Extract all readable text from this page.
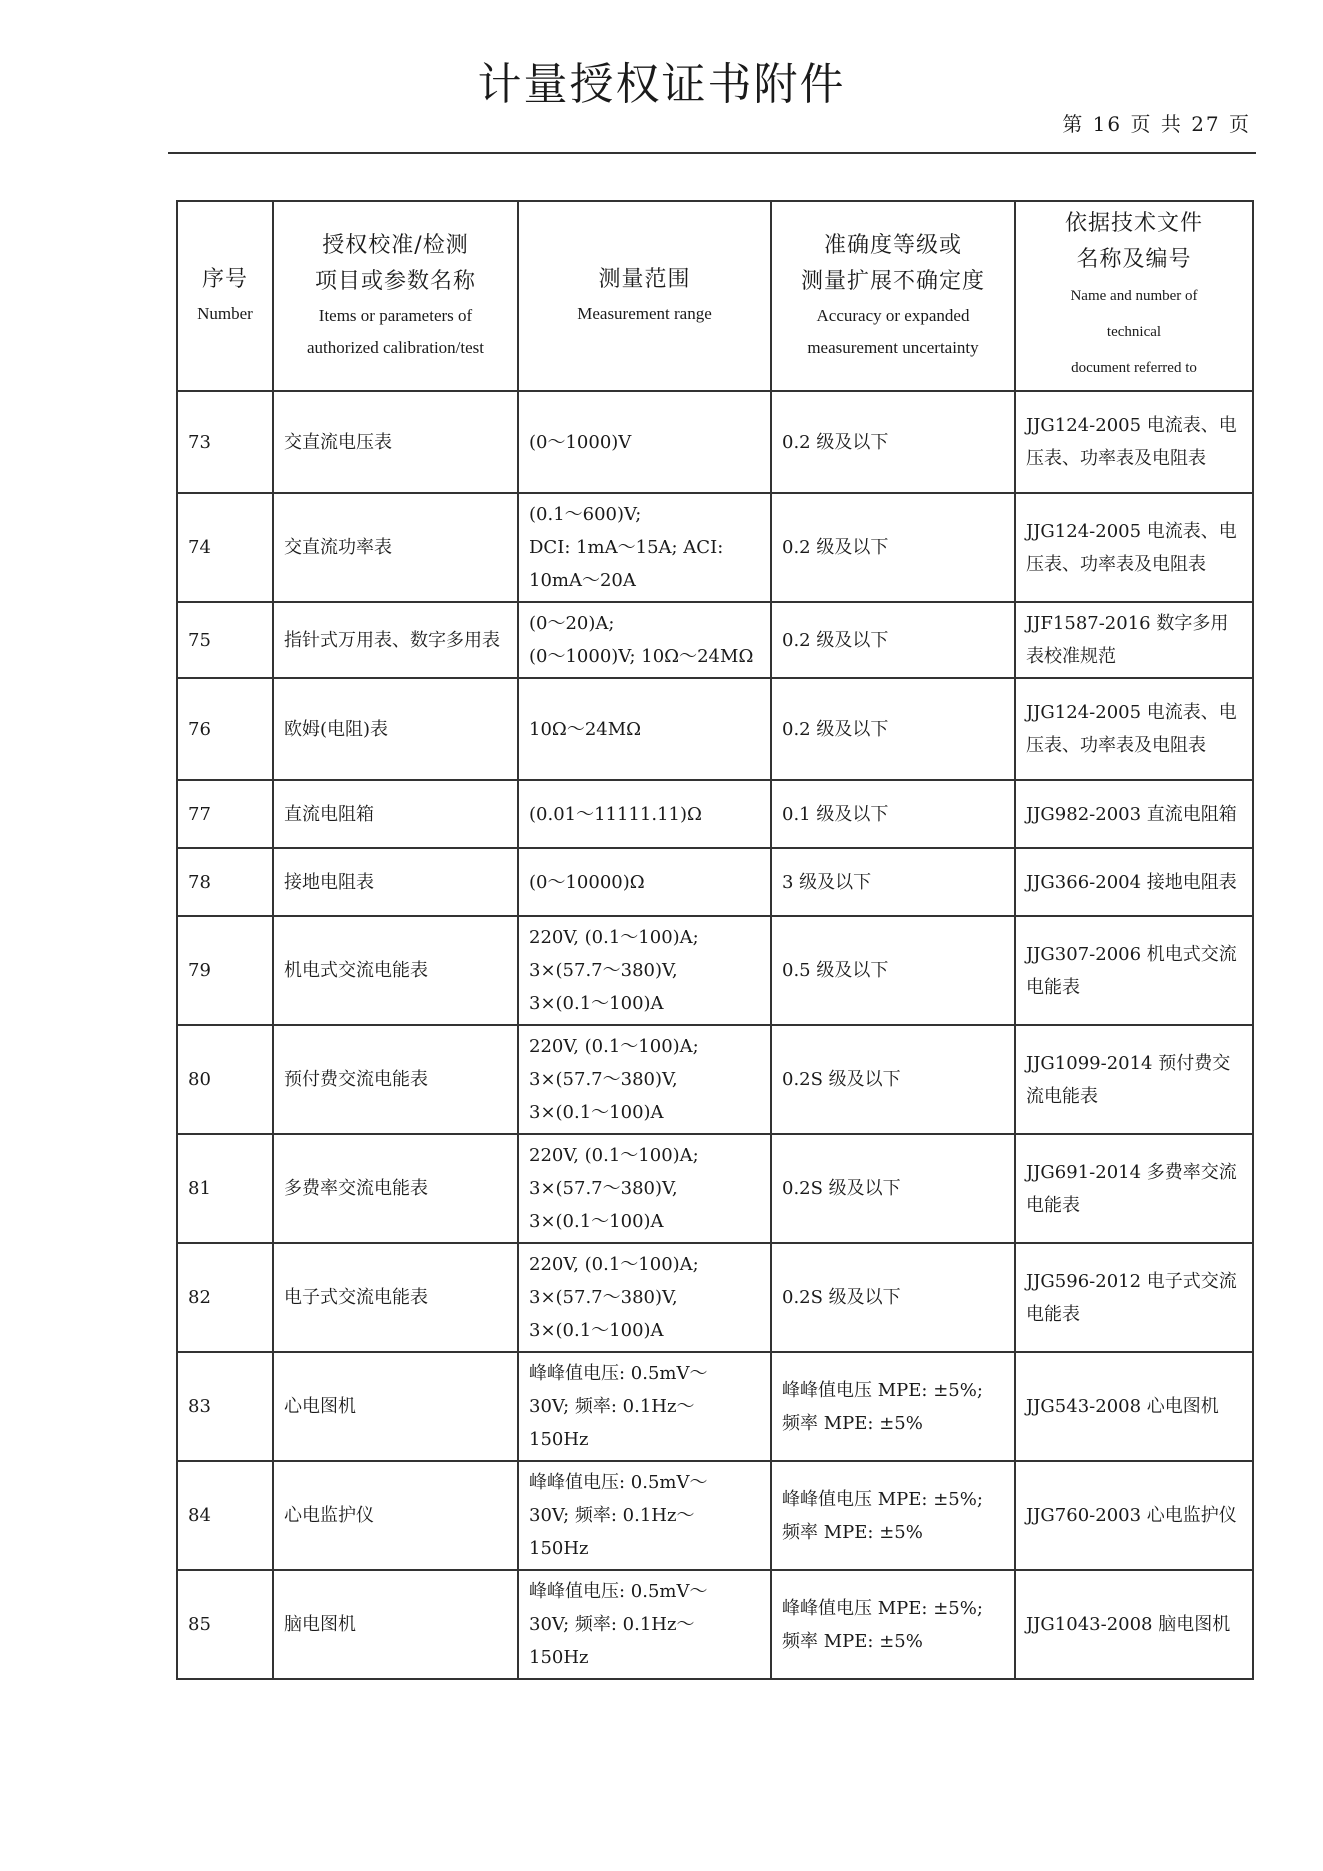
计量授权证书附件
第 16 页 共 27 页
序号
Number	授权校准/检测
项目或参数名称
Items or parameters of
authorized calibration/test	测量范围
Measurement range	准确度等级或
测量扩展不确定度
Accuracy or expanded
measurement uncertainty	依据技术文件
名称及编号
Name and number of
technical
document referred to

73	交直流电压表	(0～1000)V	0.2 级及以下	JJG124-2005 电流表、电压表、功率表及电阻表
74	交直流功率表	(0.1～600)V;
DCI: 1mA～15A; ACI:
10mA～20A	0.2 级及以下	JJG124-2005 电流表、电压表、功率表及电阻表
75	指针式万用表、数字多用表	(0～20)A;
(0～1000)V; 10Ω～24MΩ	0.2 级及以下	JJF1587-2016 数字多用表校准规范
76	欧姆(电阻)表	10Ω～24MΩ	0.2 级及以下	JJG124-2005 电流表、电压表、功率表及电阻表
77	直流电阻箱	(0.01～11111.11)Ω	0.1 级及以下	JJG982-2003 直流电阻箱
78	接地电阻表	(0～10000)Ω	3 级及以下	JJG366-2004 接地电阻表
79	机电式交流电能表	220V, (0.1～100)A;
3×(57.7～380)V,
3×(0.1～100)A	0.5 级及以下	JJG307-2006 机电式交流电能表
80	预付费交流电能表	220V, (0.1～100)A;
3×(57.7～380)V,
3×(0.1～100)A	0.2S 级及以下	JJG1099-2014 预付费交流电能表
81	多费率交流电能表	220V, (0.1～100)A;
3×(57.7～380)V,
3×(0.1～100)A	0.2S 级及以下	JJG691-2014 多费率交流电能表
82	电子式交流电能表	220V, (0.1～100)A;
3×(57.7～380)V,
3×(0.1～100)A	0.2S 级及以下	JJG596-2012 电子式交流电能表
83	心电图机	峰峰值电压: 0.5mV～
30V; 频率: 0.1Hz～
150Hz	峰峰值电压 MPE: ±5%;
频率 MPE: ±5%	JJG543-2008 心电图机
84	心电监护仪	峰峰值电压: 0.5mV～
30V; 频率: 0.1Hz～
150Hz	峰峰值电压 MPE: ±5%;
频率 MPE: ±5%	JJG760-2003 心电监护仪
85	脑电图机	峰峰值电压: 0.5mV～
30V; 频率: 0.1Hz～
150Hz	峰峰值电压 MPE: ±5%;
频率 MPE: ±5%	JJG1043-2008 脑电图机
